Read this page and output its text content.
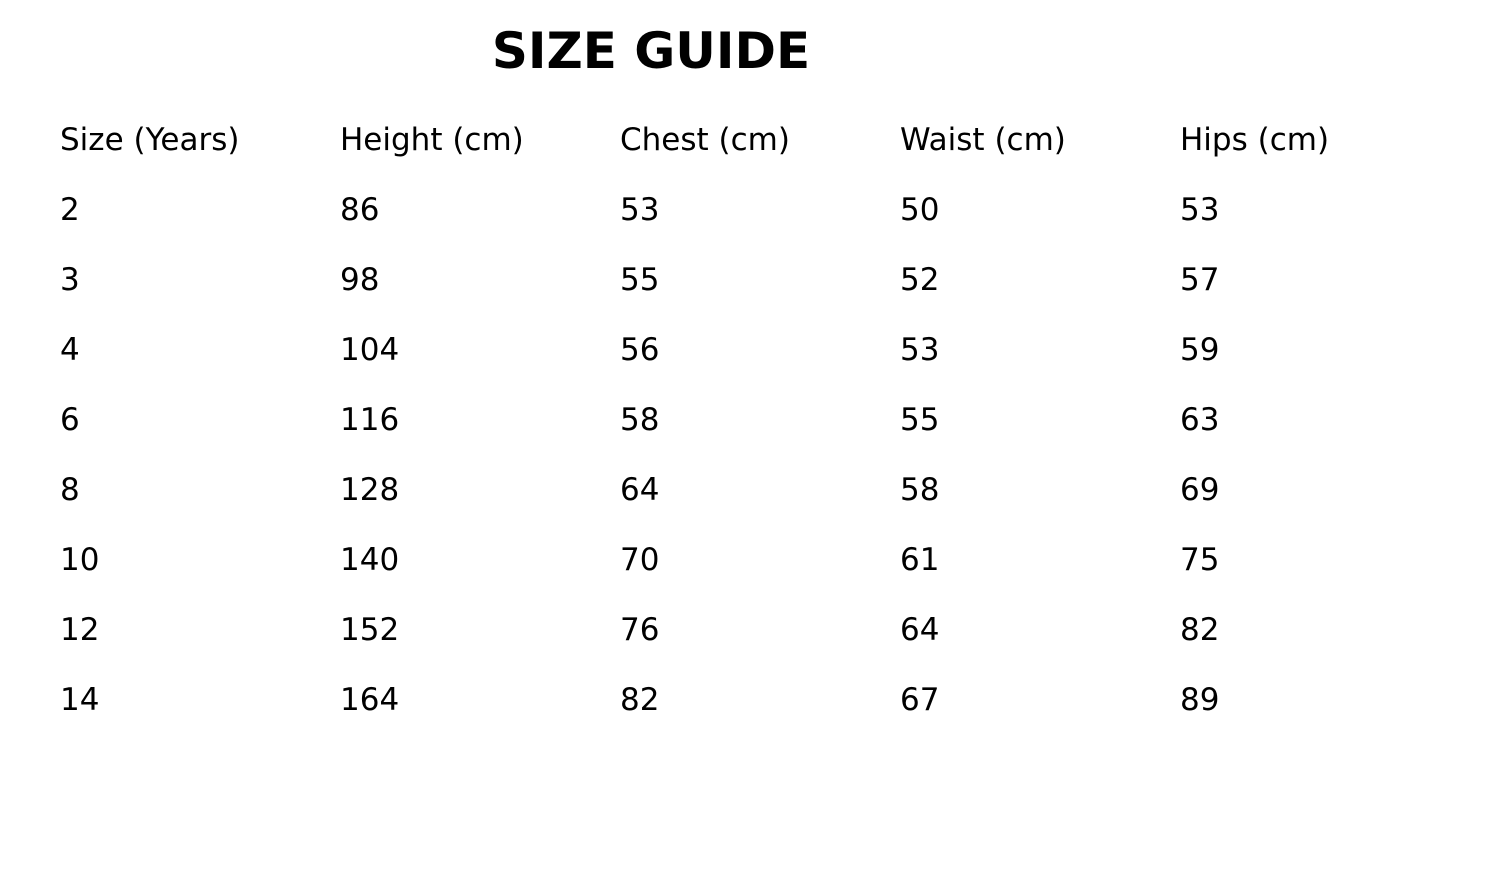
SIZE GUIDE
Size (Years)	Height (cm)	Chest (cm)	Waist (cm)	Hips (cm)
2	86	53	50	53
3	98	55	52	57
4	104	56	53	59
6	116	58	55	63
8	128	64	58	69
10	140	70	61	75
12	152	76	64	82
14	164	82	67	89
